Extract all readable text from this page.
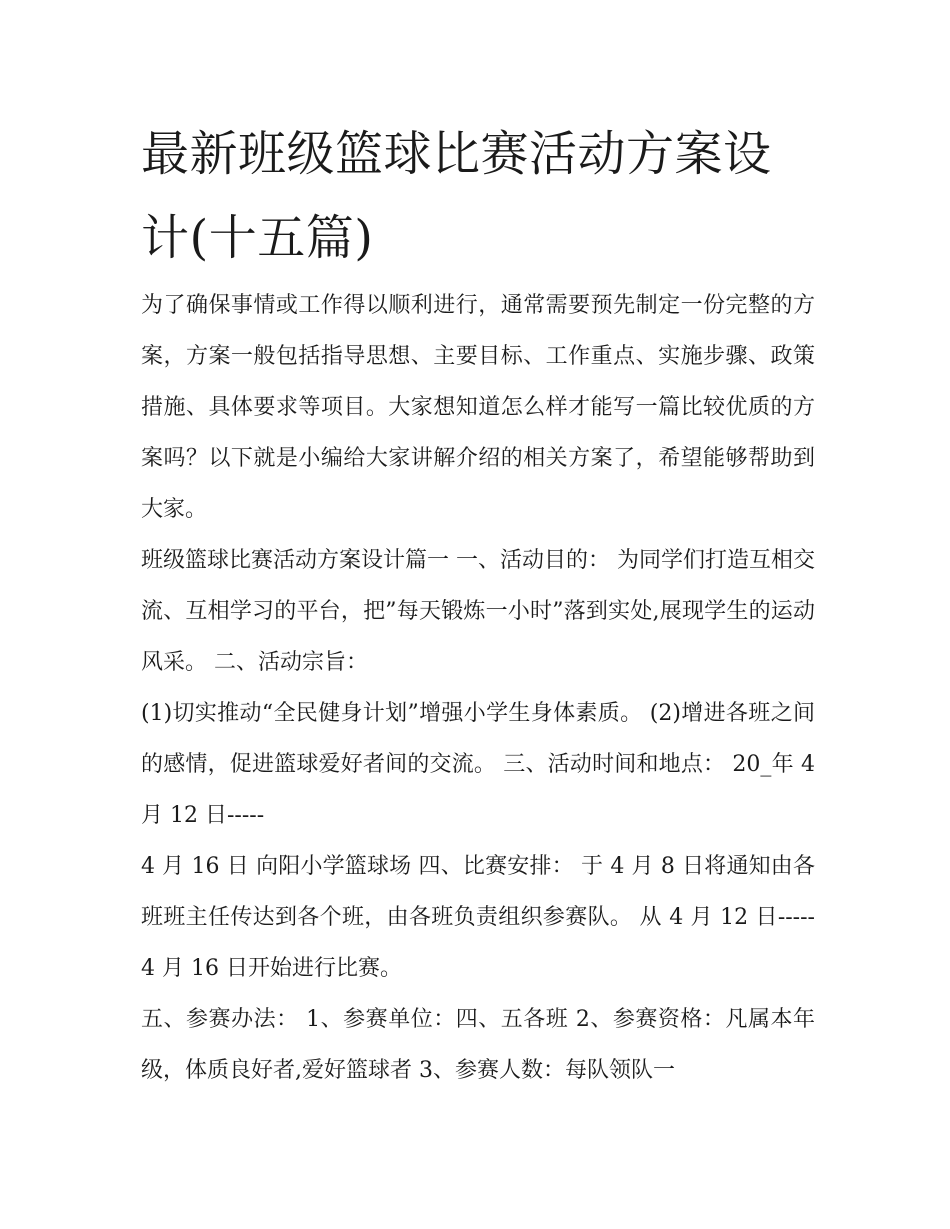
最新班级篮球比赛活动方案设计(十五篇)

为了确保事情或工作得以顺利进行，通常需要预先制定一份完整的方案，方案一般包括指导思想、主要目标、工作重点、实施步骤、政策措施、具体要求等项目。大家想知道怎么样才能写一篇比较优质的方案吗？以下就是小编给大家讲解介绍的相关方案了，希望能够帮助到大家。

班级篮球比赛活动方案设计篇一 一、活动目的： 为同学们打造互相交流、互相学习的平台，把”每天锻炼一小时”落到实处,展现学生的运动风采。 二、活动宗旨：

(1)切实推动“全民健身计划”增强小学生身体素质。 (2)增进各班之间的感情，促进篮球爱好者间的交流。 三、活动时间和地点： 20_年 4 月 12 日-----

4 月 16 日 向阳小学篮球场 四、比赛安排： 于 4 月 8 日将通知由各班班主任传达到各个班，由各班负责组织参赛队。 从 4 月 12 日-----4 月 16 日开始进行比赛。

五、参赛办法： 1、参赛单位：四、五各班 2、参赛资格：凡属本年级，体质良好者,爱好篮球者 3、参赛人数：每队领队一
